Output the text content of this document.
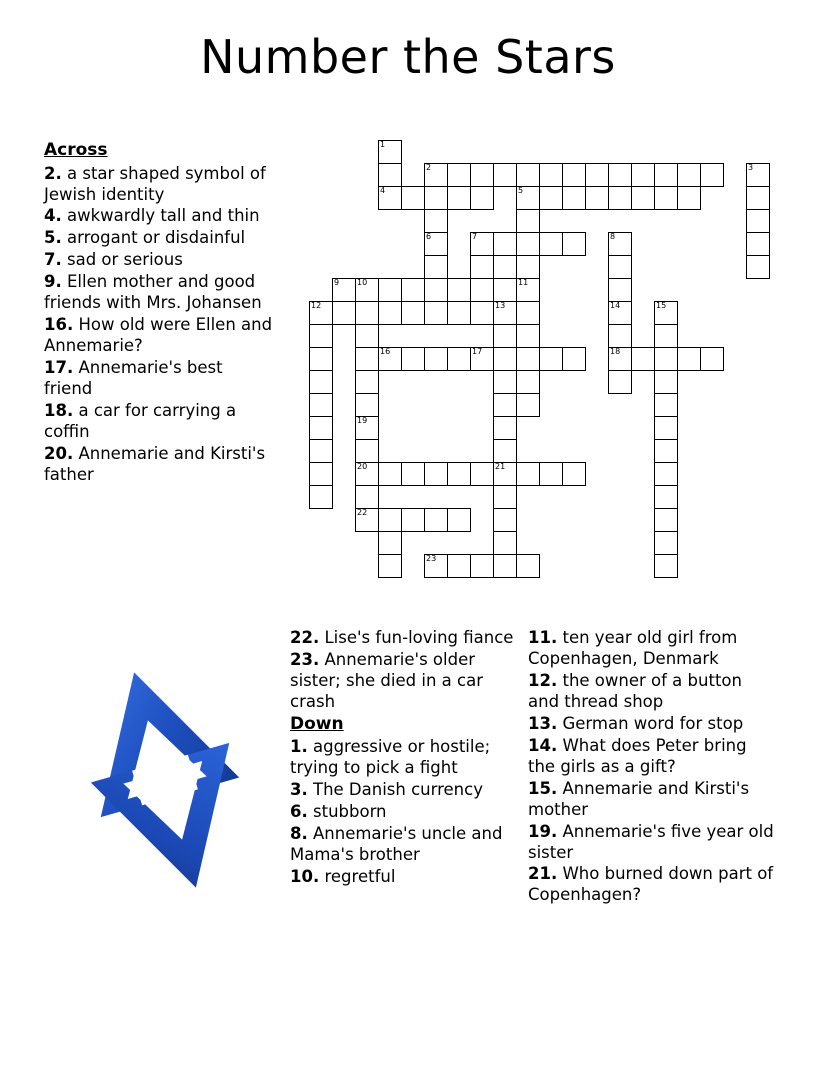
Number the Stars
Across
2. a star shaped symbol of Jewish identity
4. awkwardly tall and thin
5. arrogant or disdainful
7. sad or serious
9. Ellen mother and good friends with Mrs. Johansen
16. How old were Ellen and Annemarie?
17. Annemarie's best friend
18. a car for carrying a coffin
20. Annemarie and Kirsti's father
22. Lise's fun-loving fiance
23. Annemarie's older sister; she died in a car crash
Down
1. aggressive or hostile; trying to pick a fight
3. The Danish currency
6. stubborn
8. Annemarie's uncle and Mama's brother
10. regretful
11. ten year old girl from Copenhagen, Denmark
12. the owner of a button and thread shop
13. German word for stop
14. What does Peter bring the girls as a gift?
15. Annemarie and Kirsti's mother
19. Annemarie's five year old sister
21. Who burned down part of Copenhagen?
1
2	3
4	5
6	7	8
9 10	11
12	13	14	15
16	17	18
19
20	21
22
23
